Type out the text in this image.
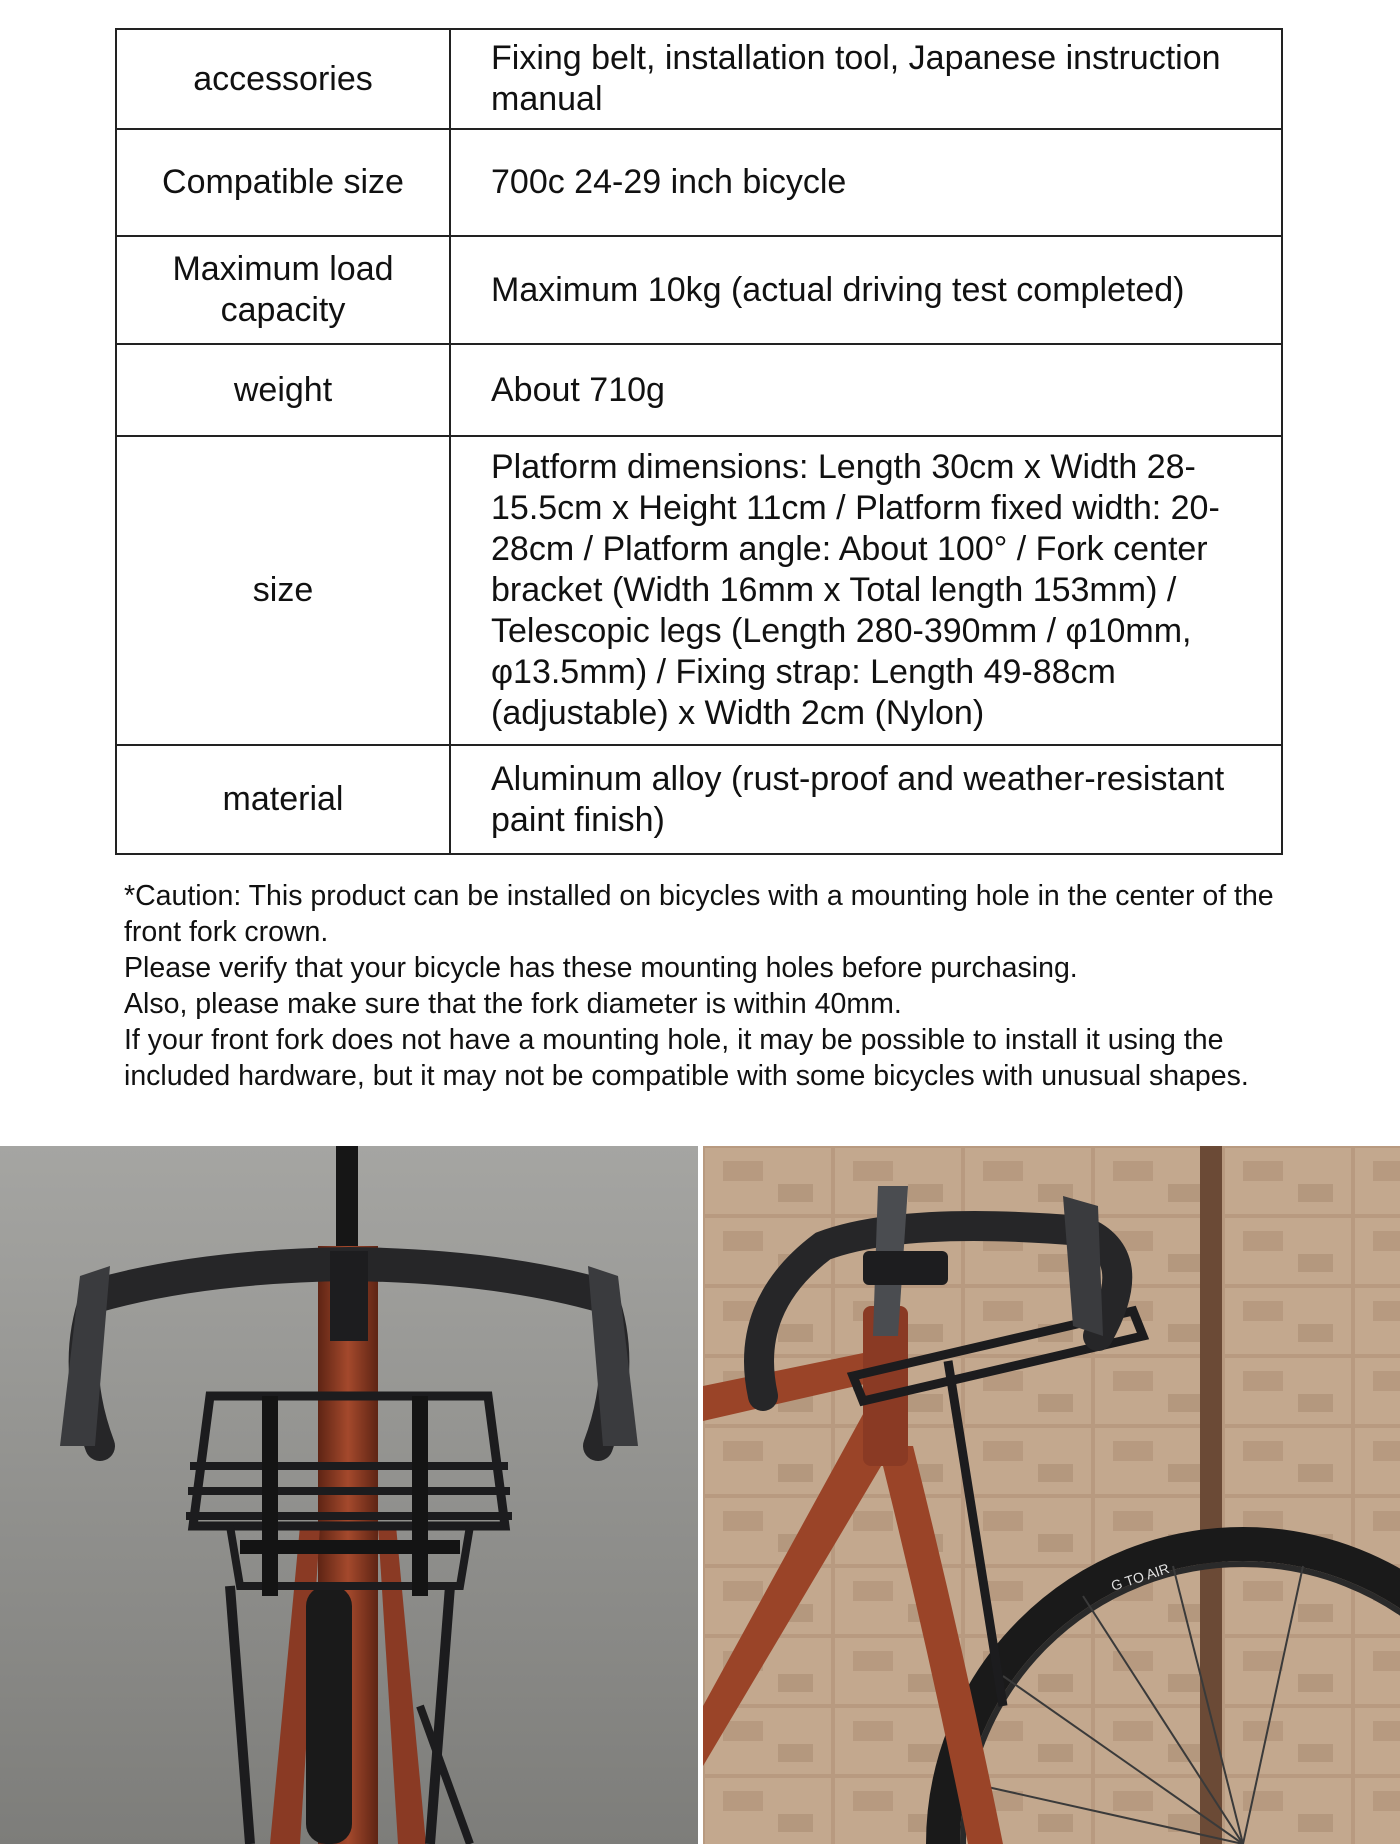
accessories	Fixing belt, installation tool, Japanese instruction manual
Compatible size	700c 24-29 inch bicycle
Maximum load capacity	Maximum 10kg (actual driving test completed)
weight	About 710g
size	Platform dimensions: Length 30cm x Width 28-15.5cm x Height 11cm / Platform fixed width: 20-28cm / Platform angle: About 100° / Fork center bracket (Width 16mm x Total length 153mm) / Telescopic legs (Length 280-390mm / φ10mm, φ13.5mm) / Fixing strap: Length 49-88cm (adjustable) x Width 2cm (Nylon)
material	Aluminum alloy (rust-proof and weather-resistant paint finish)

*Caution: This product can be installed on bicycles with a mounting hole in the center of the front fork crown.

Please verify that your bicycle has these mounting holes before purchasing.

Also, please make sure that the fork diameter is within 40mm.

If your front fork does not have a mounting hole, it may be possible to install it using the included hardware, but it may not be compatible with some bicycles with unusual shapes.

G TO AIR
